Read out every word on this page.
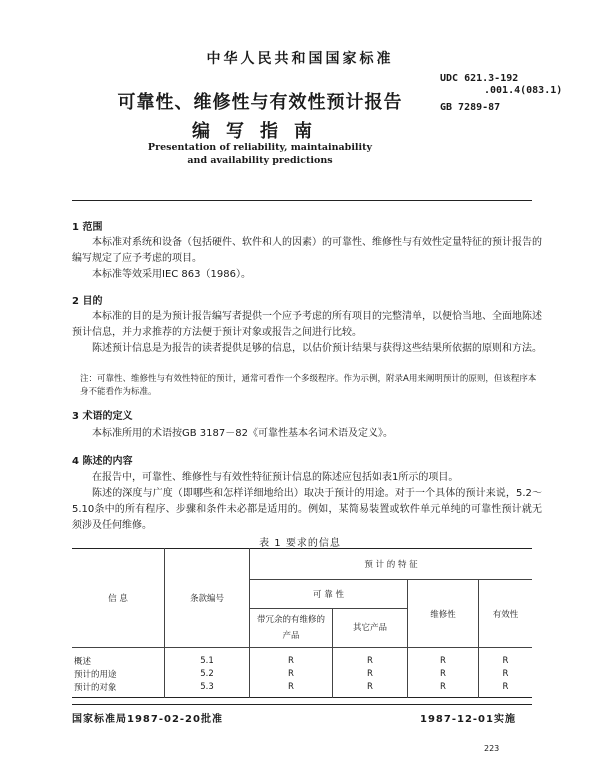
中华人民共和国国家标准
可靠性、维修性与有效性预计报告
编写指南
UDC 621.3-192
.001.4(083.1)
GB 7289-87
Presentation of reliability, maintainability
and availability predictions
1 范围

本标准对系统和设备（包括硬件、软件和人的因素）的可靠性、维修性与有效性定量特征的预计报告的编写规定了应予考虑的项目。

本标准等效采用IEC 863（1986）。

2 目的

本标准的目的是为预计报告编写者提供一个应予考虑的所有项目的完整清单，以便恰当地、全面地陈述预计信息，并力求推荐的方法便于预计对象或报告之间进行比较。

陈述预计信息是为报告的读者提供足够的信息，以估价预计结果与获得这些结果所依据的原则和方法。

注：可靠性、维修性与有效性特征的预计，通常可看作一个多级程序。作为示例，附录A用来阐明预计的原则，但该程序本身不能看作为标准。

3 术语的定义

本标准所用的术语按GB 3187－82《可靠性基本名词术语及定义》。

4 陈述的内容

在报告中，可靠性、维修性与有效性特征预计信息的陈述应包括如表1所示的项目。

陈述的深度与广度（即哪些和怎样详细地给出）取决于预计的用途。对于一个具体的预计来说，5.2～5.10条中的所有程序、步骤和条件未必都是适用的。例如，某简易装置或软件单元单纯的可靠性预计就无须涉及任何维修。

表 1 要求的信息
信 息	条款编号	预 计 的 特 征			
		可 靠 性		维修性	有效性
		带冗余的有维修的产品	其它产品		
概述	5.1	R	R	R	R
预计的用途	5.2	R	R	R	R
预计的对象	5.3	R	R	R	R
国家标准局1987-02-20批准	1987-12-01实施
223
